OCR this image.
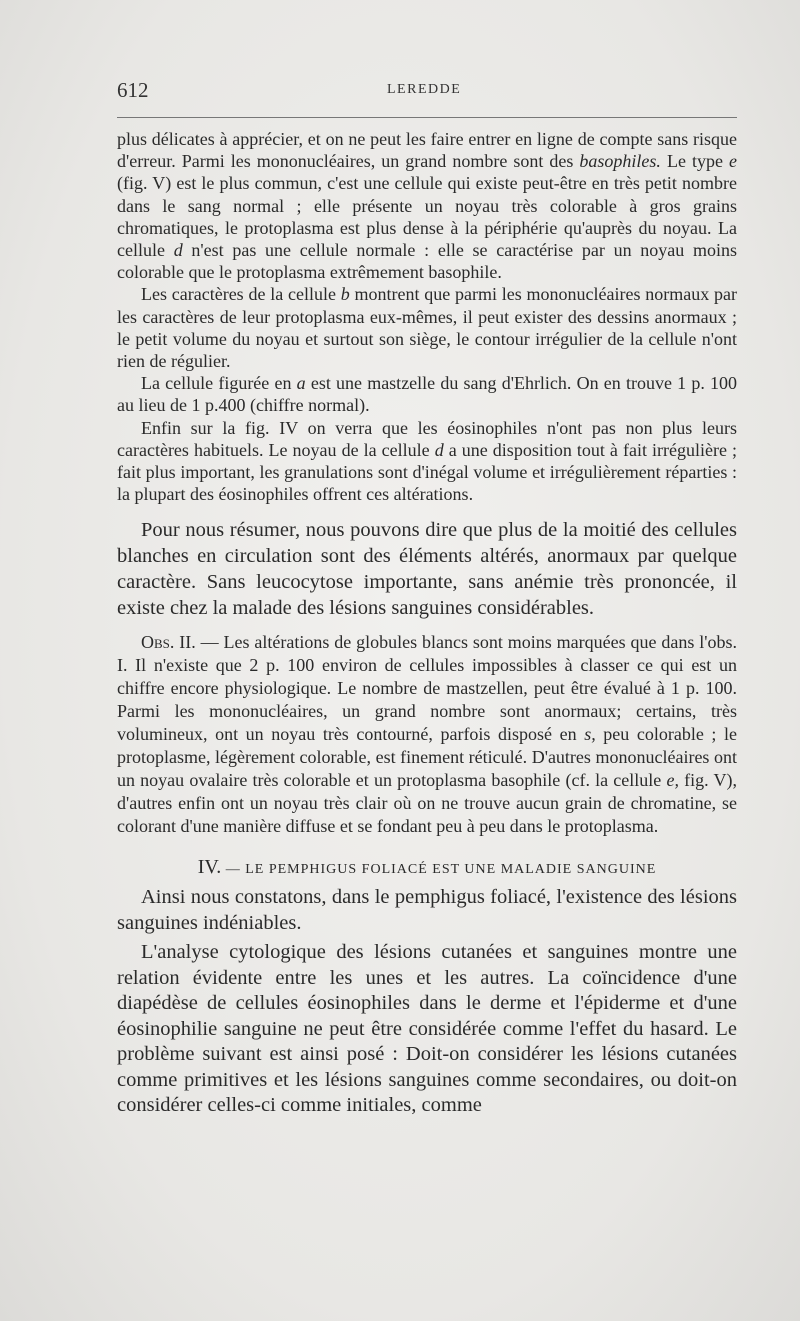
612	LEREDDE

plus délicates à apprécier, et on ne peut les faire entrer en ligne de compte sans risque d'erreur. Parmi les mononucléaires, un grand nombre sont des basophiles. Le type e (fig. V) est le plus commun, c'est une cellule qui existe peut-être en très petit nombre dans le sang normal ; elle présente un noyau très colorable à gros grains chromatiques, le protoplasma est plus dense à la périphérie qu'auprès du noyau. La cellule d n'est pas une cellule normale : elle se caractérise par un noyau moins colorable que le protoplasma extrêmement basophile.

Les caractères de la cellule b montrent que parmi les mononucléaires normaux par les caractères de leur protoplasma eux-mêmes, il peut exister des dessins anormaux ; le petit volume du noyau et surtout son siège, le contour irrégulier de la cellule n'ont rien de régulier.

La cellule figurée en a est une mastzelle du sang d'Ehrlich. On en trouve 1 p. 100 au lieu de 1 p.400 (chiffre normal).

Enfin sur la fig. IV on verra que les éosinophiles n'ont pas non plus leurs caractères habituels. Le noyau de la cellule d a une disposition tout à fait irrégulière ; fait plus important, les granulations sont d'inégal volume et irrégulièrement réparties : la plupart des éosinophiles offrent ces altérations.

Pour nous résumer, nous pouvons dire que plus de la moitié des cellules blanches en circulation sont des éléments altérés, anormaux par quelque caractère. Sans leucocytose importante, sans anémie très prononcée, il existe chez la malade des lésions sanguines considérables.

Obs. II. — Les altérations de globules blancs sont moins marquées que dans l'obs. I. Il n'existe que 2 p. 100 environ de cellules impossibles à classer ce qui est un chiffre encore physiologique. Le nombre de mastzellen, peut être évalué à 1 p. 100. Parmi les mononucléaires, un grand nombre sont anormaux; certains, très volumineux, ont un noyau très contourné, parfois disposé en s, peu colorable ; le protoplasme, légèrement colorable, est finement réticulé. D'autres mononucléaires ont un noyau ovalaire très colorable et un protoplasma basophile (cf. la cellule e, fig. V), d'autres enfin ont un noyau très clair où on ne trouve aucun grain de chromatine, se colorant d'une manière diffuse et se fondant peu à peu dans le protoplasma.

IV. — LE PEMPHIGUS FOLIACÉ EST UNE MALADIE SANGUINE

Ainsi nous constatons, dans le pemphigus foliacé, l'existence des lésions sanguines indéniables.

L'analyse cytologique des lésions cutanées et sanguines montre une relation évidente entre les unes et les autres. La coïncidence d'une diapédèse de cellules éosinophiles dans le derme et l'épiderme et d'une éosinophilie sanguine ne peut être considérée comme l'effet du hasard. Le problème suivant est ainsi posé : Doit-on considérer les lésions cutanées comme primitives et les lésions sanguines comme secondaires, ou doit-on considérer celles-ci comme initiales, comme
